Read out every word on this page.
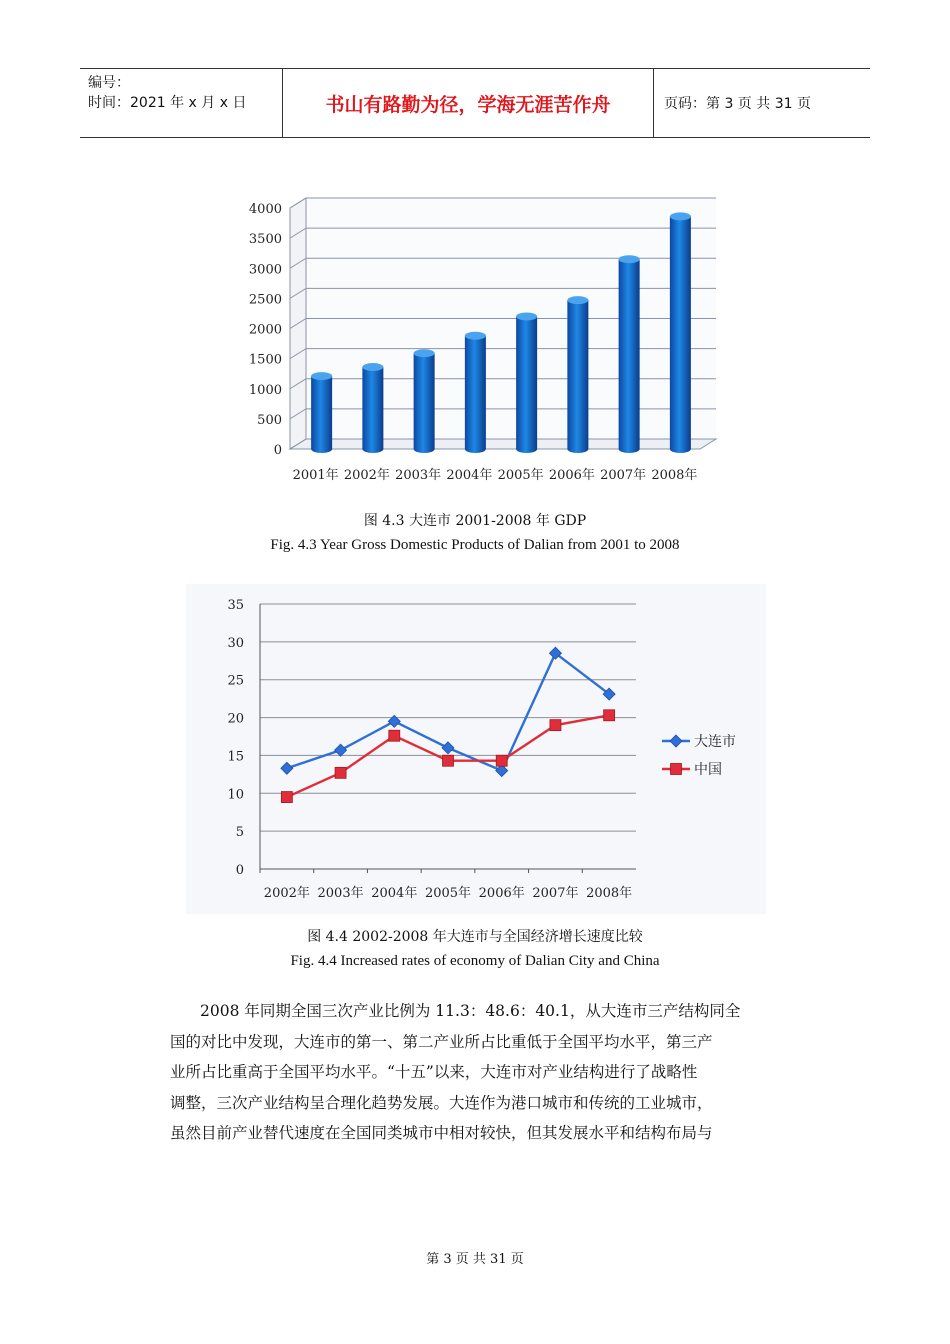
编号：
时间：2021 年 x 月 x 日	书山有路勤为径，学海无涯苦作舟	页码：第 3 页 共 31 页
0
500
1000
1500
2000
2500
3000
3500
4000
2001年 2002年 2003年 2004年 2005年 2006年 2007年 2008年
图 4.3 大连市 2001-2008 年 GDP
Fig. 4.3 Year Gross Domestic Products of Dalian from 2001 to 2008
0
5
10
15
20
25
30
35
2002年 2003年 2004年 2005年 2006年 2007年 2008年
大连市
中国
图 4.4 2002-2008 年大连市与全国经济增长速度比较
Fig. 4.4 Increased rates of economy of Dalian City and China
2008 年同期全国三次产业比例为 11.3：48.6：40.1，从大连市三产结构同全
国的对比中发现，大连市的第一、第二产业所占比重低于全国平均水平，第三产
业所占比重高于全国平均水平。“十五”以来，大连市对产业结构进行了战略性
调整，三次产业结构呈合理化趋势发展。大连作为港口城市和传统的工业城市，
虽然目前产业替代速度在全国同类城市中相对较快，但其发展水平和结构布局与
第 3 页 共 31 页
